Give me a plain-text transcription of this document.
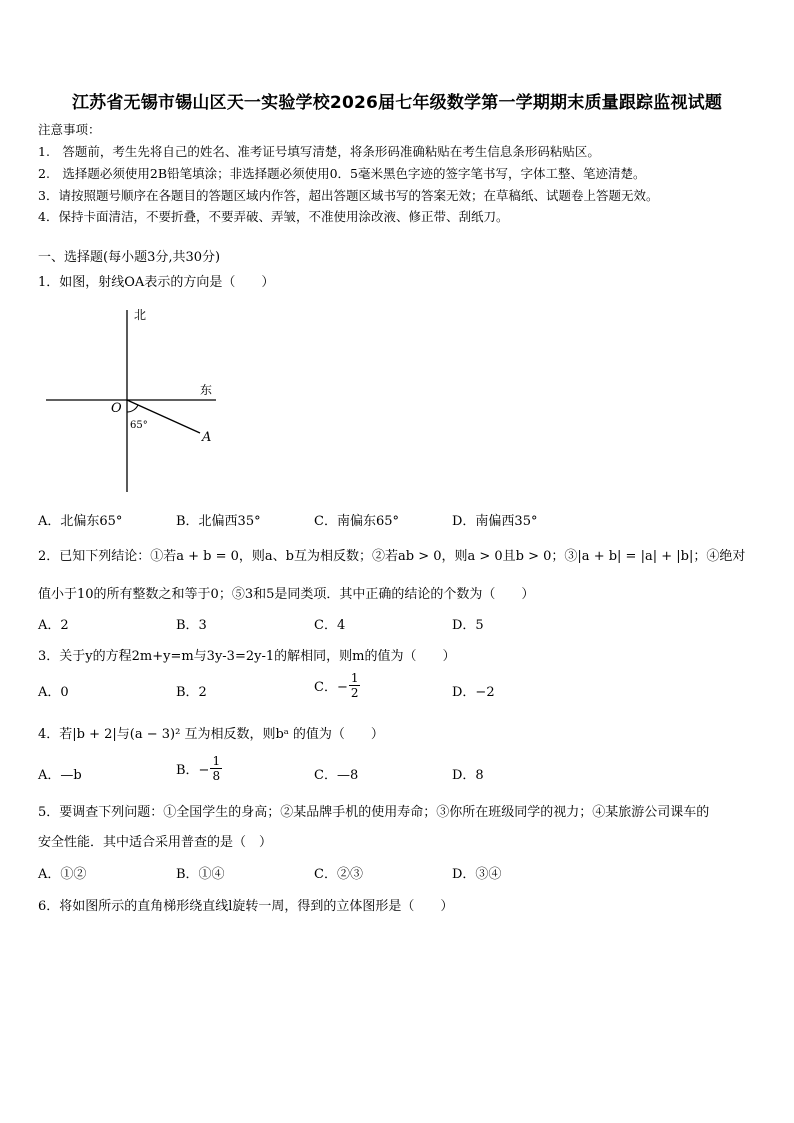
江苏省无锡市锡山区天一实验学校2026届七年级数学第一学期期末质量跟踪监视试题
注意事项：
1.　答题前，考生先将自己的姓名、准考证号填写清楚，将条形码准确粘贴在考生信息条形码粘贴区。
2.　选择题必须使用2B铅笔填涂；非选择题必须使用0．5毫米黑色字迹的签字笔书写，字体工整、笔迹清楚。
3．请按照题号顺序在各题目的答题区域内作答，超出答题区域书写的答案无效；在草稿纸、试题卷上答题无效。
4．保持卡面清洁，不要折叠，不要弄破、弄皱，不准使用涂改液、修正带、刮纸刀。
一、选择题(每小题3分,共30分)
1．如图，射线OA表示的方向是（　　）
北
东
O
A
65°
A．北偏东65°	B．北偏西35°	C．南偏东65°	D．南偏西35°
2．已知下列结论：①若a + b = 0，则a、b互为相反数；②若ab > 0，则a > 0且b > 0；③|a + b| = |a| + |b|；④绝对
值小于10的所有整数之和等于0；⑤3和5是同类项．其中正确的结论的个数为（　　）
A．2	B．3	C．4	D．5
3．关于y的方程2m+y=m与3y-3=2y-1的解相同，则m的值为（　　）
A．0	B．2	C．− $\frac{1}{2}$	D．−2
4．若|b + 2|与(a − 3)² 互为相反数，则bᵃ 的值为（　　）
A．—b	B．− $\frac{1}{8}$	C．—8	D．8
5．要调查下列问题：①全国学生的身高；②某品牌手机的使用寿命；③你所在班级同学的视力；④某旅游公司课车的
安全性能．其中适合采用普查的是（　）
A．①②	B．①④	C．②③	D．③④
6．将如图所示的直角梯形绕直线l旋转一周，得到的立体图形是（　　）
